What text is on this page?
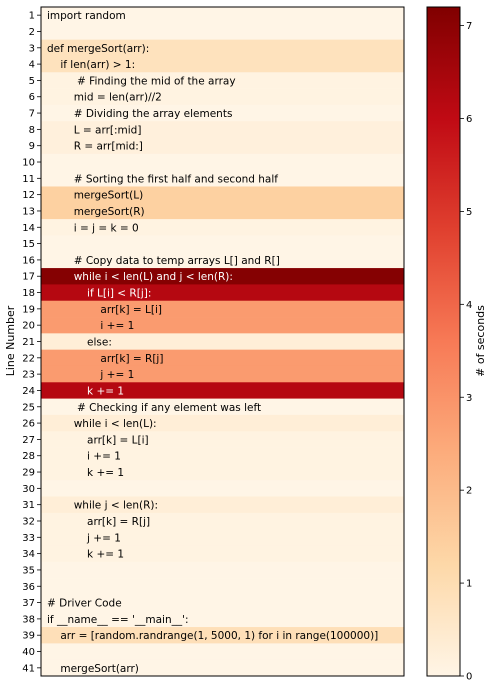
import random
def mergeSort(arr):
if len(arr) > 1:
# Finding the mid of the array
mid = len(arr)//2
# Dividing the array elements
L = arr[:mid]
R = arr[mid:]
# Sorting the first half and second half
mergeSort(L)
mergeSort(R)
i = j = k = 0
# Copy data to temp arrays L[] and R[]
while i < len(L) and j < len(R):
if L[i] < R[j]:
arr[k] = L[i]
i += 1
else:
arr[k] = R[j]
j += 1
k += 1
# Checking if any element was left
while i < len(L):
arr[k] = L[i]
i += 1
k += 1
while j < len(R):
arr[k] = R[j]
j += 1
k += 1
# Driver Code
if __name__ == '__main__':
arr = [random.randrange(1, 5000, 1) for i in range(100000)]
mergeSort(arr)
1
2
3
4
5
6
7
8
9
10
11
12
13
14
15
16
17
18
19
20
21
22
23
24
25
26
27
28
29
30
31
32
33
34
35
36
37
38
39
40
41
Line Number
0
1
2
3
4
5
6
7
# of seconds
